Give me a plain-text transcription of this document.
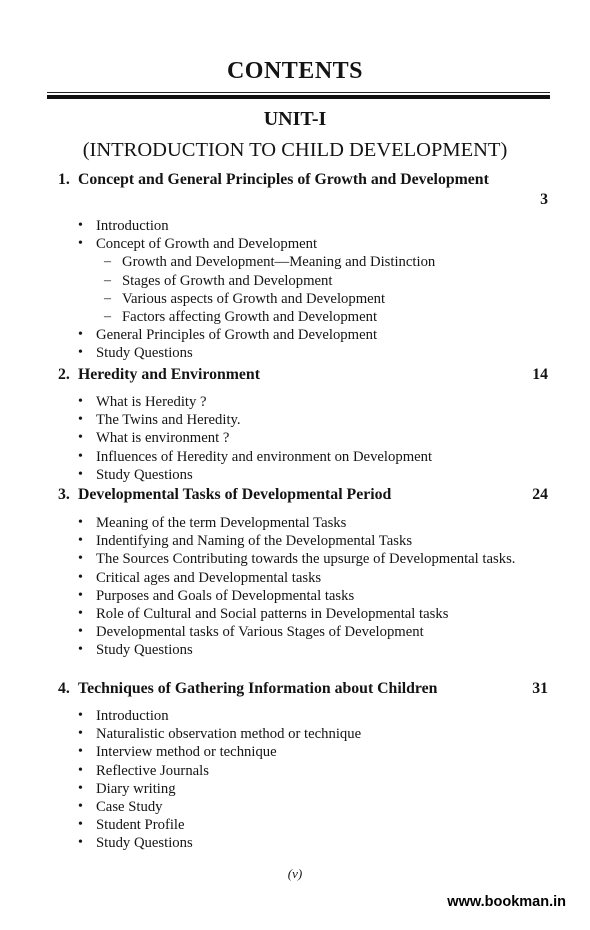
CONTENTS
UNIT-I
(INTRODUCTION TO CHILD DEVELOPMENT)
1. Concept and General Principles of Growth and Development
3
• Introduction
• Concept of Growth and Development
– Growth and Development—Meaning and Distinction
– Stages of Growth and Development
– Various aspects of Growth and Development
– Factors affecting Growth and Development
• General Principles of Growth and Development
• Study Questions
2. Heredity and Environment	14
• What is Heredity ?
• The Twins and Heredity.
• What is environment ?
• Influences of Heredity and environment on Development
• Study Questions
3. Developmental Tasks of Developmental Period	24
• Meaning of the term Developmental Tasks
• Indentifying and Naming of the Developmental Tasks
• The Sources Contributing towards the upsurge of Developmental tasks.
• Critical ages and Developmental tasks
• Purposes and Goals of Developmental tasks
• Role of Cultural and Social patterns in Developmental tasks
• Developmental tasks of Various Stages of Development
• Study Questions
4. Techniques of Gathering Information about Children	31
• Introduction
• Naturalistic observation method or technique
• Interview method or technique
• Reflective Journals
• Diary writing
• Case Study
• Student Profile
• Study Questions
(v)
www.bookman.in
